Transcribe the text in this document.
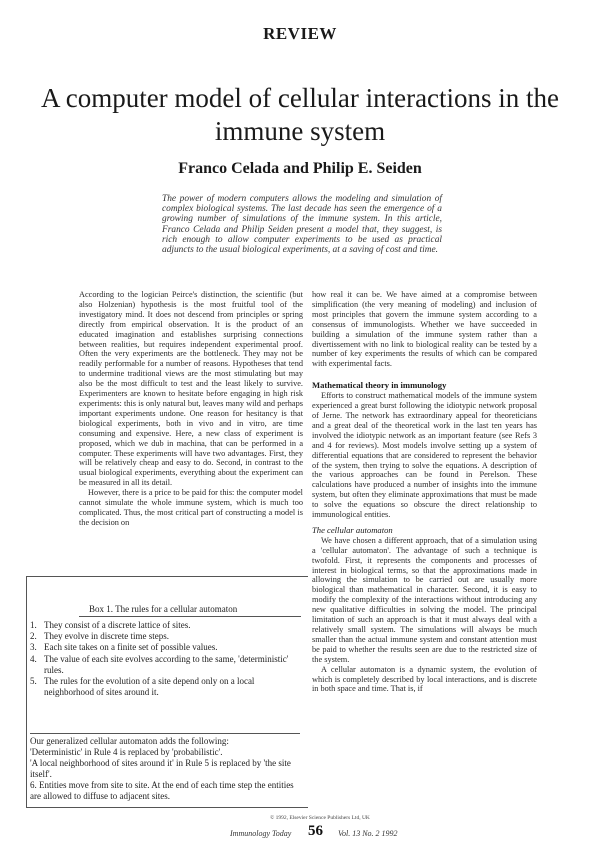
REVIEW
A computer model of cellular interactions in the immune system
Franco Celada and Philip E. Seiden
The power of modern computers allows the modeling and simulation of complex biological systems. The last decade has seen the emergence of a growing number of simulations of the immune system. In this article, Franco Celada and Philip Seiden present a model that, they suggest, is rich enough to allow computer experiments to be used as practical adjuncts to the usual biological experiments, at a saving of cost and time.

According to the logician Peirce's distinction, the scientific (but also Holzenian) hypothesis is the most fruitful tool of the investigatory mind. It does not descend from principles or spring directly from empirical observation. It is the product of an educated imagination and establishes surprising connections between realities, but requires independent experimental proof. Often the very experiments are the bottleneck. They may not be readily performable for a number of reasons. Hypotheses that tend to undermine traditional views are the most stimulating but may also be the most difficult to test and the least likely to survive. Experimenters are known to hesitate before engaging in high risk experiments: this is only natural but, leaves many wild and perhaps important experiments undone. One reason for hesitancy is that biological experiments, both in vivo and in vitro, are time consuming and expensive. Here, a new class of experiment is proposed, which we dub in machina, that can be performed in a computer. These experiments will have two advantages. First, they will be relatively cheap and easy to do. Second, in contrast to the usual biological experiments, everything about the experiment can be measured in all its detail.

However, there is a price to be paid for this: the computer model cannot simulate the whole immune system, which is much too complicated. Thus, the most critical part of constructing a model is the decision on

how real it can be. We have aimed at a compromise between simplification (the very meaning of modeling) and inclusion of most principles that govern the immune system according to a consensus of immunologists. Whether we have succeeded in building a simulation of the immune system rather than a divertissement with no link to biological reality can be tested by a number of key experiments the results of which can be compared with experimental facts.

Mathematical theory in immunology

Efforts to construct mathematical models of the immune system experienced a great burst following the idiotypic network proposal of Jerne. The network has extraordinary appeal for theoreticians and a great deal of the theoretical work in the last ten years has involved the idiotypic network as an important feature (see Refs 3 and 4 for reviews). Most models involve setting up a system of differential equations that are considered to represent the behavior of the system, then trying to solve the equations. A description of the various approaches can be found in Perelson. These calculations have produced a number of insights into the immune system, but often they eliminate approximations that must be made to solve the equations so obscure the direct relationship to immunological entities.

The cellular automaton

We have chosen a different approach, that of a simulation using a 'cellular automaton'. The advantage of such a technique is twofold. First, it represents the components and processes of interest in biological terms, so that the approximations made in allowing the simulation to be carried out are usually more biological than mathematical in character. Second, it is easy to modify the complexity of the interactions without introducing any new qualitative difficulties in solving the model. The principal limitation of such an approach is that it must always deal with a relatively small system. The simulations will always be much smaller than the actual immune system and constant attention must be paid to whether the results seen are due to the restricted size of the system.

A cellular automaton is a dynamic system, the evolution of which is completely described by local interactions, and is discrete in both space and time. That is, if

Box 1. The rules for a cellular automaton
1. They consist of a discrete lattice of sites.
2. They evolve in discrete time steps.
3. Each site takes on a finite set of possible values.
4. The value of each site evolves according to the same, 'deterministic' rules.
5. The rules for the evolution of a site depend only on a local neighborhood of sites around it.
Our generalized cellular automaton adds the following:
'Deterministic' in Rule 4 is replaced by 'probabilistic'.
'A local neighborhood of sites around it' in Rule 5 is replaced by 'the site itself'.
6. Entities move from site to site. At the end of each time step the entities are allowed to diffuse to adjacent sites.
© 1992, Elsevier Science Publishers Ltd, UK
Immunology Today 56 Vol. 13 No. 2 1992
